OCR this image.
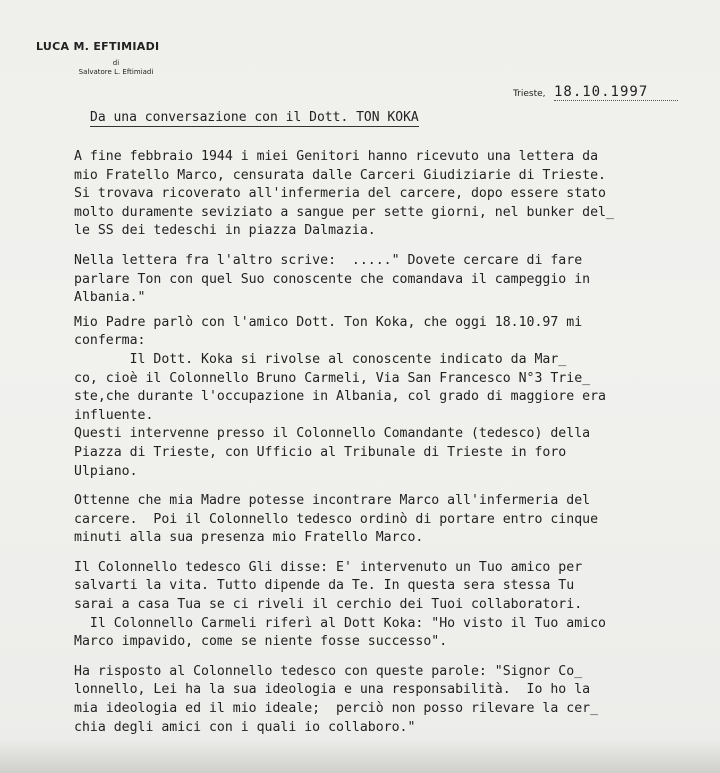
LUCA M. EFTIMIADI
di
Salvatore L. Eftimiadi
Trieste, 18.10.1997
Da una conversazione con il Dott. TON KOKA
A fine febbraio 1944 i miei Genitori hanno ricevuto una lettera da
mio Fratello Marco, censurata dalle Carceri Giudiziarie di Trieste.
Si trovava ricoverato all'infermeria del carcere, dopo essere stato
molto duramente seviziato a sangue per sette giorni, nel bunker del_
le SS dei tedeschi in piazza Dalmazia.
Nella lettera fra l'altro scrive:  ....." Dovete cercare di fare
parlare Ton con quel Suo conoscente che comandava il campeggio in
Albania."
Mio Padre parlò con l'amico Dott. Ton Koka, che oggi 18.10.97 mi
conferma:
Il Dott. Koka si rivolse al conoscente indicato da Mar_
co, cioè il Colonnello Bruno Carmeli, Via San Francesco N°3 Trie_
ste,che durante l'occupazione in Albania, col grado di maggiore era
influente.
Questi intervenne presso il Colonnello Comandante (tedesco) della
Piazza di Trieste, con Ufficio al Tribunale di Trieste in foro
Ulpiano.
Ottenne che mia Madre potesse incontrare Marco all'infermeria del
carcere.  Poi il Colonnello tedesco ordinò di portare entro cinque
minuti alla sua presenza mio Fratello Marco.
Il Colonnello tedesco Gli disse: E' intervenuto un Tuo amico per
salvarti la vita. Tutto dipende da Te. In questa sera stessa Tu
sarai a casa Tua se ci riveli il cerchio dei Tuoi collaboratori.
Il Colonnello Carmeli riferì al Dott Koka: "Ho visto il Tuo amico
Marco impavido, come se niente fosse successo".
Ha risposto al Colonnello tedesco con queste parole: "Signor Co_
lonnello, Lei ha la sua ideologia e una responsabilità.  Io ho la
mia ideologia ed il mio ideale;  perciò non posso rilevare la cer_
chia degli amici con i quali io collaboro."
